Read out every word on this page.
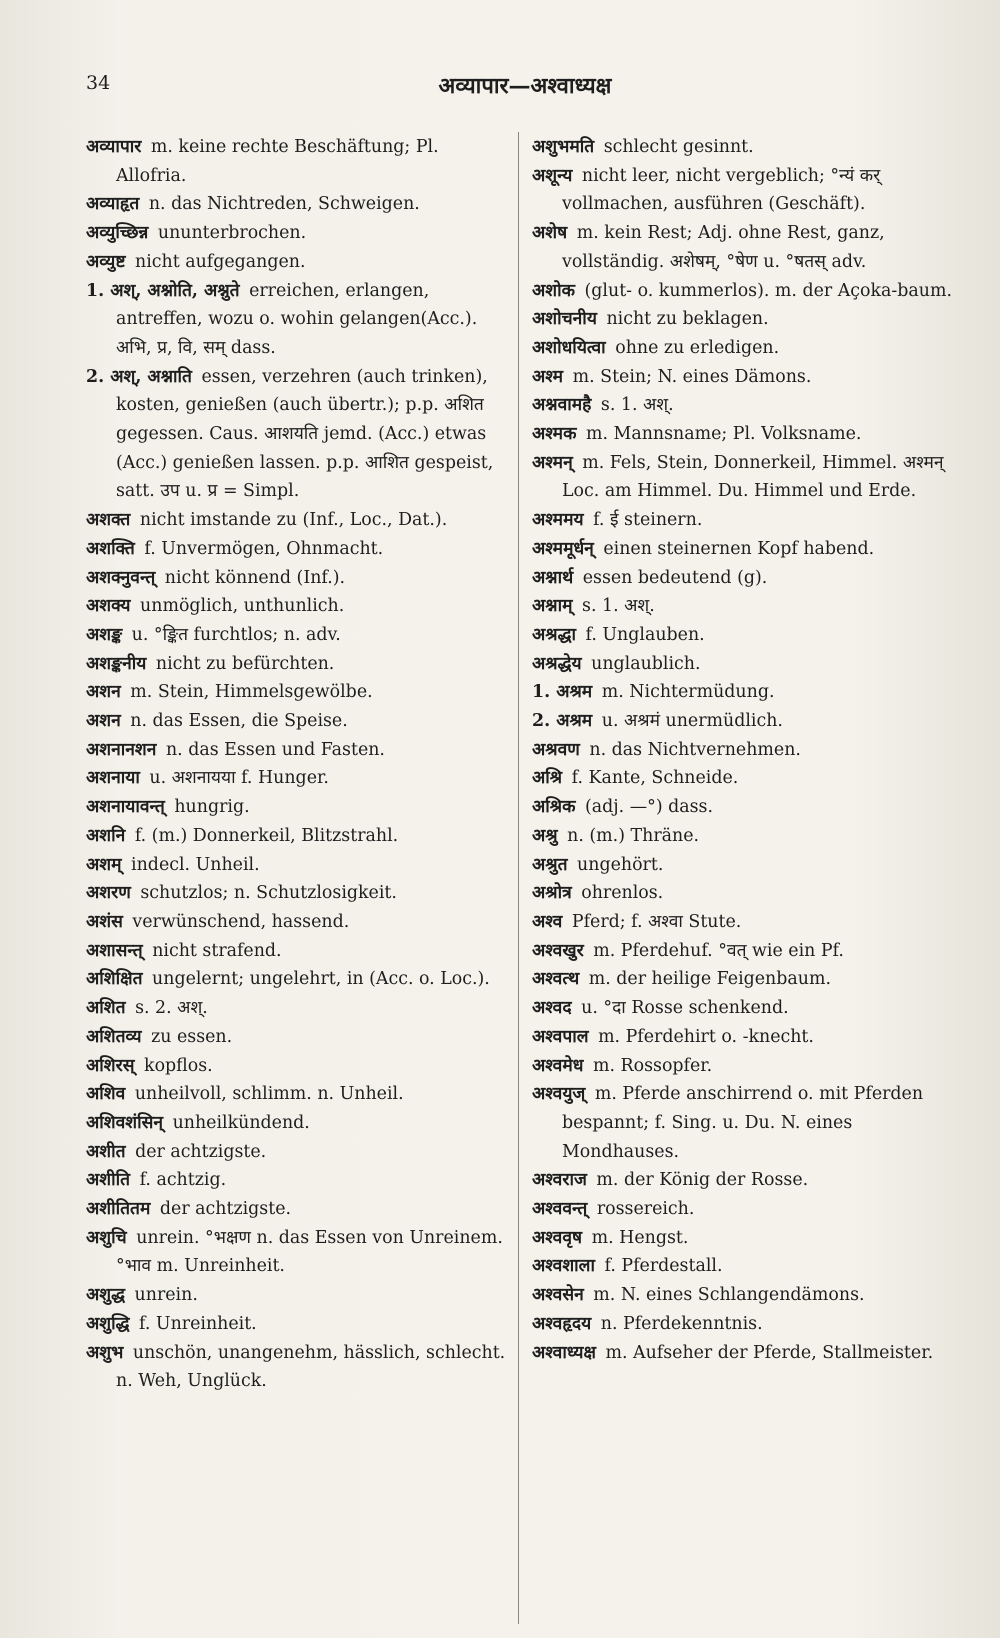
34	अव्यापार—अश्वाध्यक्ष

अव्यापार m. keine rechte Beschäftung; Pl. Allofria.

अव्याहृत n. das Nichtreden, Schweigen.

अव्युच्छिन्न ununterbrochen.

अव्युष्ट nicht aufgegangen.

1. अश्, अश्नोति, अश्नुते erreichen, erlangen, antreffen, wozu o. wohin gelangen(Acc.). अभि, प्र, वि, सम् dass.

2. अश्, अश्नाति essen, verzehren (auch trinken), kosten, genießen (auch übertr.); p.p. अशित gegessen. Caus. आशयति jemd. (Acc.) etwas (Acc.) genießen lassen. p.p. आशित gespeist, satt. उप u. प्र = Simpl.

अशक्त nicht imstande zu (Inf., Loc., Dat.).

अशक्ति f. Unvermögen, Ohnmacht.

अशक्नुवन्त् nicht könnend (Inf.).

अशक्य unmöglich, unthunlich.

अशङ्क u. °ङ्कित furchtlos; n. adv.

अशङ्कनीय nicht zu befürchten.

अशन m. Stein, Himmelsgewölbe.

अशन n. das Essen, die Speise.

अशनानशन n. das Essen und Fasten.

अशनाया u. अशनायया f. Hunger.

अशनायावन्त् hungrig.

अशनि f. (m.) Donnerkeil, Blitzstrahl.

अशम् indecl. Unheil.

अशरण schutzlos; n. Schutzlosigkeit.

अशंस verwünschend, hassend.

अशासन्त् nicht strafend.

अशिक्षित ungelernt; ungelehrt, in (Acc. o. Loc.).

अशित s. 2. अश्.

अशितव्य zu essen.

अशिरस् kopflos.

अशिव unheilvoll, schlimm. n. Unheil.

अशिवशंसिन् unheilkündend.

अशीत der achtzigste.

अशीति f. achtzig.

अशीतितम der achtzigste.

अशुचि unrein. °भक्षण n. das Essen von Unreinem. °भाव m. Unreinheit.

अशुद्ध unrein.

अशुद्धि f. Unreinheit.

अशुभ unschön, unangenehm, hässlich, schlecht. n. Weh, Unglück.

अशुभमति schlecht gesinnt.

अशून्य nicht leer, nicht vergeblich; °न्यं कर् vollmachen, ausführen (Geschäft).

अशेष m. kein Rest; Adj. ohne Rest, ganz, vollständig. अशेषम्, °षेण u. °षतस् adv.

अशोक (glut- o. kummerlos). m. der Açoka-baum.

अशोचनीय nicht zu beklagen.

अशोधयित्वा ohne zu erledigen.

अश्म m. Stein; N. eines Dämons.

अश्नवामहै s. 1. अश्.

अश्मक m. Mannsname; Pl. Volksname.

अश्मन् m. Fels, Stein, Donnerkeil, Himmel. अश्मन् Loc. am Himmel. Du. Himmel und Erde.

अश्ममय f. ई steinern.

अश्ममूर्धन् einen steinernen Kopf habend.

अश्नार्थ essen bedeutend (g).

अश्नाम् s. 1. अश्.

अश्रद्धा f. Unglauben.

अश्रद्धेय unglaublich.

1. अश्रम m. Nichtermüdung.

2. अश्रम u. अश्रमं unermüdlich.

अश्रवण n. das Nichtvernehmen.

अश्रि f. Kante, Schneide.

अश्रिक (adj. —°) dass.

अश्रु n. (m.) Thräne.

अश्रुत ungehört.

अश्रोत्र ohrenlos.

अश्व Pferd; f. अश्वा Stute.

अश्वखुर m. Pferdehuf. °वत् wie ein Pf.

अश्वत्थ m. der heilige Feigenbaum.

अश्वद u. °दा Rosse schenkend.

अश्वपाल m. Pferdehirt o. -knecht.

अश्वमेध m. Rossopfer.

अश्वयुज् m. Pferde anschirrend o. mit Pferden bespannt; f. Sing. u. Du. N. eines Mondhauses.

अश्वराज m. der König der Rosse.

अश्ववन्त् rossereich.

अश्ववृष m. Hengst.

अश्वशाला f. Pferdestall.

अश्वसेन m. N. eines Schlangendämons.

अश्वहृदय n. Pferdekenntnis.

अश्वाध्यक्ष m. Aufseher der Pferde, Stallmeister.
